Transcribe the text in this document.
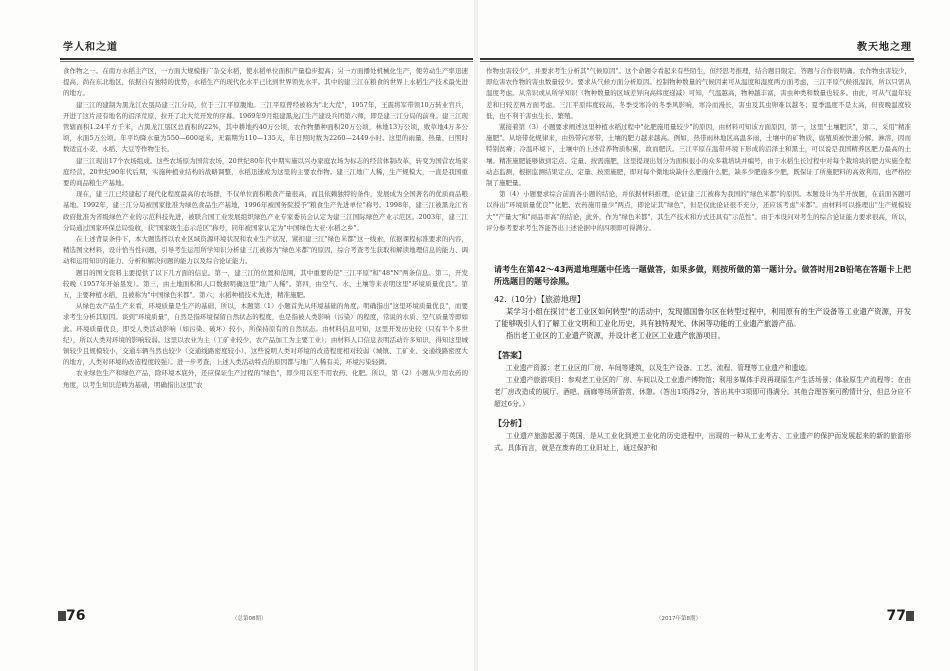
学人和之道

食作物之一。在南方水稻主产区，一方面大规模推广杂交水稻，使水稻单位面积产量稳步提高；另一方面播处机械化生产，使劳动生产率迅速提高，尚在东北地区，依据自有独特的优势，水稻生产的现代化水平已比到世界领先水平。其中的建三江在粮食的世界上水稻生产技术最先进的地方。

建三江的建制为黑龙江农垦局建三江分局，位于三江平原腹地。三江平原曾经被称为"北大荒"，1957年，王震将军带领10万转业官兵，开进了这片浸有地名的沼泽荒原，拉开了北大荒开发的序幕。1969年9月组建黑龙江生产建设兵团第六师，即是建三江分局的前身。建三江现管辖面积1.24平方千米，占黑龙江垦区总面积的22%，其中耕地约40万公顷，农作物播种面积20万公顷，林地13万公顷，败草地4万多公顷，水面5万公顷。年平均降水量为550—600毫米，无霜期为110—135天，年日照时数为2260—2449小时。这里的雨量、热量、日照时数适宜小麦、水稻、大豆等作物生长。

建三江现出17个农场组成。这些农场原为国营农场，20世纪80年代中期实施以兴办家庭农场为标志的经营体制改革，转变为国营农场家庭经营。20世纪90年代后期，实施种植业结构的战略调整，水稻迅速成为这里的主要农作物。建三江地广人稀，生产规模大，一直是我国重要的商品粮生产基地。

现在，建三江已经建起了现代化程度最高的农场群，不仅单位面积粮食产量很高，而且依赖独特的条件，发展成为全国著名的优质商品粮基地。1992年，建三江分局被国家批准为绿色食品生产基地，1996年被国务院授予"粮食生产先进单位"称号。1998年，建三江被黑龙江省政府批准为省级绿色产业的示范科技先进，被联合国工业发展组织绿色产业专家委员会认定为建三江国际绿色产业示范区。2003年，建三江分局通过国家环保总局验收，获"国家级生态示范区"称号，同年被国家认定为"中国绿色大亚·水稻之乡"。

在上述背景条件下，本大题选择以农业区域资源环境状况和农业生产状况，紧扣建三江"绿色米都"这一线索，依据课程标准要求的内容，精选图文材料，设计恰当性问题，引导考生运用所学知识分析建三江被称为"绿色米都"的原因，综合考查考生获取和解读地理信息的能力、调动和运用知识的能力、分析和解决问题的能力以及综合论证能力。

题目的图文资料主要提供了以下几方面的信息。第一，建三江的位置和范围，其中重要的是"三江平原"和"48°N"两条信息。第二，开发较晚（1957年开始垦发）。第三，由土地面积和人口数据明确这里"地广人稀"。第四，由空气、水、土壤等来表明这里"环境质量优良"。第五，主要种植水稻，且被称为"中国绿色米都"。第六，水稻种植技术先进，精准施肥。

从绿色农产品生产来看，环境质量是生产的基础，所以，本题第（1）小题首先从环境基础的角度，明确指出"这里环境质量优良"，而要求考生分析其原因。谈到"环境质量"，自然是指环境保留自然状态的程度，也是指被人类影响（污染）的程度，常说的水质、空气质量等即如此。环境质量优良，即受人类活动影响（如污染、破坏）较小，所保持原有的自然状态。由材料信息可知，这里开发历史较（只有半个多世纪），所以人类对环境的影响较弱。这里以农业为主（工矿业较少，农产品加工为主要工业）；由材料人口信息表明活动许多知识，得知这里城镇较少且规模较小，交通车辆当然也较少（交通线路密度较小），这些说明人类对环境的改造程度相对较弱（城镇、工矿业、交通线路密度大的地方，人类对环境的改造程度较强）。进一步考查，上述人类活动特点的原因都与地广人稀有关，环境污染轻微。

农业绿色生产和绿色产品，除环境本底外，还应保证生产过程的"绿色"，即少用以至不用农药、化肥。所以，第（2）小题从少用农药的角度，以考生知识范畴为基础，明确指出这里"农

76	（总第08期）
教天地之理

作物虫害较少"，并要求考生分析其"气候原因"。这个命题令看起来有些陌生，但经思考推理，结合题目限定，答题与合作很明确。农作物虫害较少，即危害农作物的害虫数量较少。要求从气候方面分析原因。控制物种数量的气候因素可从温度和湿度两方面考虑，三江平原气候很湿润，所以只需从温度考虑。从常识或从所学知识（物种数量的区域差异向高纬度递减）可知，气温越高，物种越丰富，害虫种类和数量也较多。由此，可从气温年较差和日较差两方面考虑。三江平原纬度较高，冬季受寒冷的冬季风影响，寒冷而漫长，害虫及其虫卵难以越冬；夏季温度不是太高，但夜晚温度较低，也不利于害虫生长、繁殖。

紧接着第（3）小题要求阐述这里种植水稻过程中"化肥施用量较少"的原因，由材料可知该方面原因，第一，这里"土壤肥沃"，第二，采用"精准施肥"。从培带化规律来，由热带向寒带，土壤的肥力越来越高。例如，热带雨林地区高温多雨，土壤中的矿物质、腐殖质被快速分解、淋溶，因而特别贫瘠；冷温环境下，土壤中的上述营养物质积累，故而肥沃。三江平原在温带环境下形成的沼泽土和黑土，可以说是我国精养区肥力最高的土壤。精准施肥能够做到定点、定量、按需施肥，这里提现出划分为面积很小的众多栽培块并编号，由于水稻生长过程中对每个栽培块的肥力实施全程动态监测，根据监测结果定点、定量、按需施肥，即对每个微地块缺什么肥施什么肥，缺多少肥施多少肥，既保证了所施肥料的高效利用，也严格控制了施肥量。

第（4）小题要求综合前面各小题的结论，并依据材料推理，论证建三江被称为我国的"绿色米都"的原因。本题设计为半开放题，在前面各题可以得出"环境质量优良""化肥、农药施用量少"两点，即论证其"绿色"，但是仅此论证很不充分，还应该考虑"米都"。由材料可以推理出"生产规模较大""产量大"和"商品率高"的结论，此外，作为"绿色米都"，其生产技术和方式还具有"示范性"。由于本设问对考生的综合论证能力要求很高，所以，评分参考要求考生答能答出上述论据中的四项即可得满分。

请考生在第42～43两道地理题中任选一题做答，如果多做，则按所做的第一题计分。做答时用2B铅笔在答题卡上把所选题目的题号涂黑。
42.（10分）【旅游地理】
某学习小组在探讨"老工业区如何转型"的活动中，发现德国鲁尔区在转型过程中，利用原有的生产设备等工业遗产资源，开发了能够吸引人们了解工业文明和工业化历史，具有独特观光、休闲等功能的工业遗产旅游产品。
指出老工业区的工业遗产资源，并设计老工业区工业遗产旅游项目。
【答案】
工业遗产资源：老工业区的厂房、车间等建筑，以及生产设备、工艺、流程、管理等工业遗产和遗迹。
工业遗产旅游项目：参观老工业区的厂房、车间以及工业遗产博物馆；利用多媒体手段再现原生产生活场景；体验原生产流程等；在由老厂房改造成的展厅、酒吧、画廊等场所游赏、休憩。（答出1项得2分，答出其中3项即可得满分。其他合理答案可酌情计分，但总分应不超过6分。）
【分析】
工业遗产旅游起源于英国，是从工业化到逆工业化的历史进程中，出现的一种从工业考古、工业遗产的保护而发展起来的新的旅游形式。具体而言，就是在废弃的工业旧址上，通过保护和
77
（2017年第8期）
